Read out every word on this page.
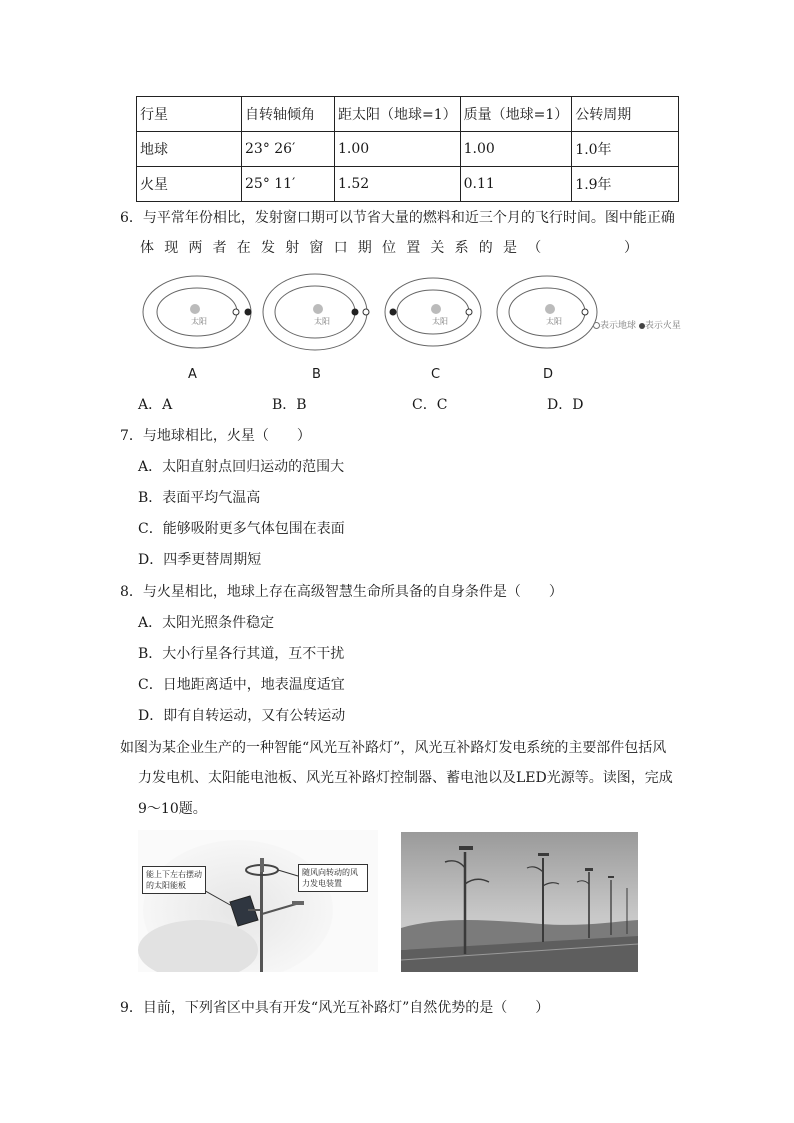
行星	自转轴倾角	距太阳（地球=1）	质量（地球=1）	公转周期
地球	23° 26′	1.00	1.00	1.0年
火星	25° 11′	1.52	0.11	1.9年
6．与平常年份相比，发射窗口期可以节省大量的燃料和近三个月的飞行时间。图中能正确
体现两者在发射窗口期位置关系的是（　　　）
太阳	太阳	太阳	太阳
A	B	C	D
表示地球 表示火星
A．A	B．B	C．C	D．D
7．与地球相比，火星（　　）
A．太阳直射点回归运动的范围大
B．表面平均气温高
C．能够吸附更多气体包围在表面
D．四季更替周期短
8．与火星相比，地球上存在高级智慧生命所具备的自身条件是（　　）
A．太阳光照条件稳定
B．大小行星各行其道，互不干扰
C．日地距离适中，地表温度适宜
D．即有自转运动，又有公转运动
如图为某企业生产的一种智能“风光互补路灯”，风光互补路灯发电系统的主要部件包括风
力发电机、太阳能电池板、风光互补路灯控制器、蓄电池以及LED光源等。读图，完成
9～10题。
能上下左右摆动的太阳能板
随风向转动的风力发电装置
9．目前，下列省区中具有开发“风光互补路灯”自然优势的是（　　）
